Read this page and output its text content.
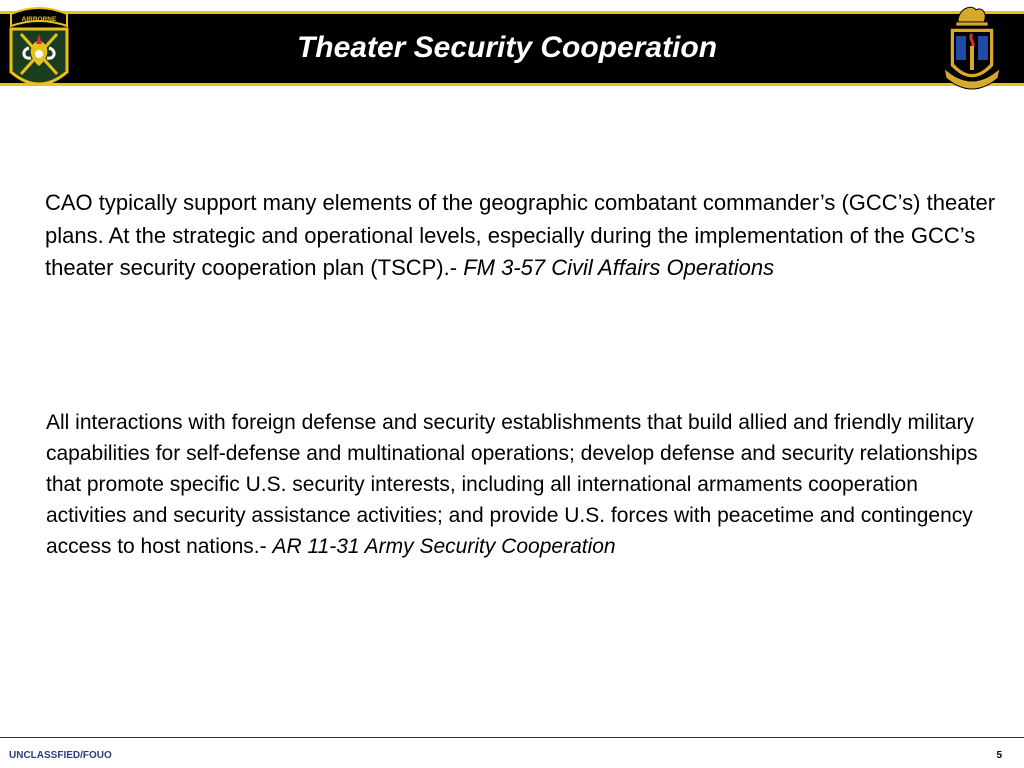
AIRBORNE
Theater Security Cooperation

CAO typically support many elements of the geographic combatant commander’s (GCC’s) theater plans. At the strategic and operational levels, especially during the implementation of the GCC’s theater security cooperation plan (TSCP).- FM 3-57 Civil Affairs Operations

All interactions with foreign defense and security establishments that build allied and friendly military capabilities for self-defense and multinational operations; develop defense and security relationships that promote specific U.S. security interests, including all international armaments cooperation activities and security assistance activities; and provide U.S. forces with peacetime and contingency access to host nations.- AR 11-31 Army Security Cooperation

UNCLASSFIED/FOUO	5
